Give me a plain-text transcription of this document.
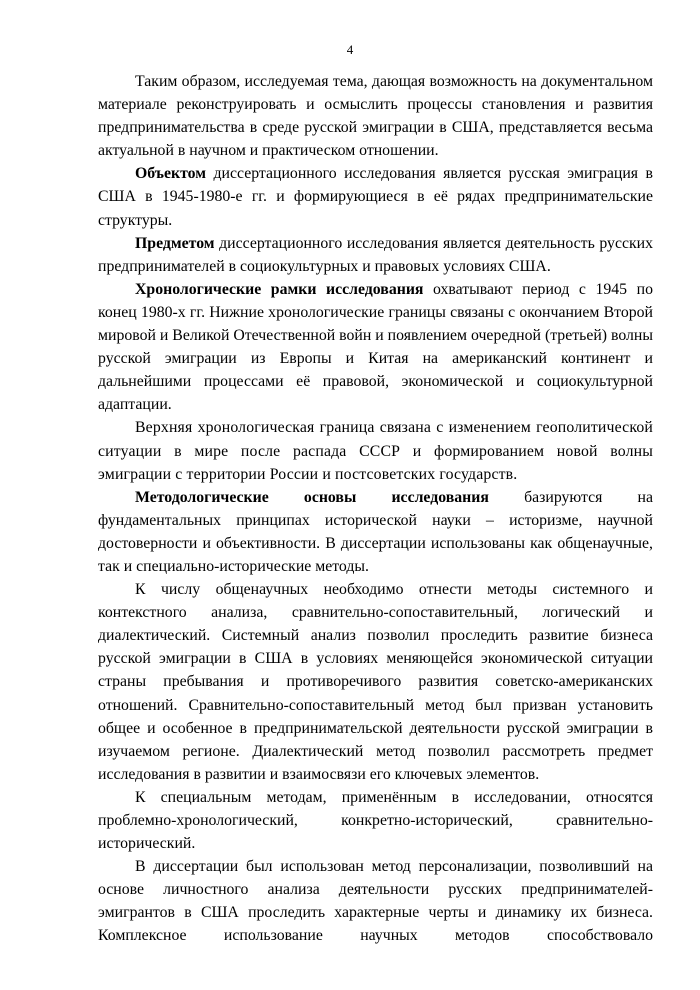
4

Таким образом, исследуемая тема, дающая возможность на документальном материале реконструировать и осмыслить процессы становления и развития предпринимательства в среде русской эмиграции в США, представляется весьма актуальной в научном и практическом отношении.

Объектом диссертационного исследования является русская эмиграция в США в 1945-1980-е гг. и формирующиеся в её рядах предпринимательские структуры.

Предметом диссертационного исследования является деятельность русских предпринимателей в социокультурных и правовых условиях США.

Хронологические рамки исследования охватывают период с 1945 по конец 1980-х гг. Нижние хронологические границы связаны с окончанием Второй мировой и Великой Отечественной войн и появлением очередной (третьей) волны русской эмиграции из Европы и Китая на американский континент и дальнейшими процессами её правовой, экономической и социокультурной адаптации.

Верхняя хронологическая граница связана с изменением геополитической ситуации в мире после распада СССР и формированием новой волны эмиграции с территории России и постсоветских государств.

Методологические основы исследования базируются на фундаментальных принципах исторической науки – историзме, научной достоверности и объективности. В диссертации использованы как общенаучные, так и специально-исторические методы.

К числу общенаучных необходимо отнести методы системного и контекстного анализа, сравнительно-сопоставительный, логический и диалектический. Системный анализ позволил проследить развитие бизнеса русской эмиграции в США в условиях меняющейся экономической ситуации страны пребывания и противоречивого развития советско-американских отношений. Сравнительно-сопоставительный метод был призван установить общее и особенное в предпринимательской деятельности русской эмиграции в изучаемом регионе. Диалектический метод позволил рассмотреть предмет исследования в развитии и взаимосвязи его ключевых элементов.

К специальным методам, применённым в исследовании, относятся проблемно-хронологический, конкретно-исторический, сравнительно-исторический.

В диссертации был использован метод персонализации, позволивший на основе личностного анализа деятельности русских предпринимателей-эмигрантов в США проследить характерные черты и динамику их бизнеса. Комплексное использование научных методов способствовало
